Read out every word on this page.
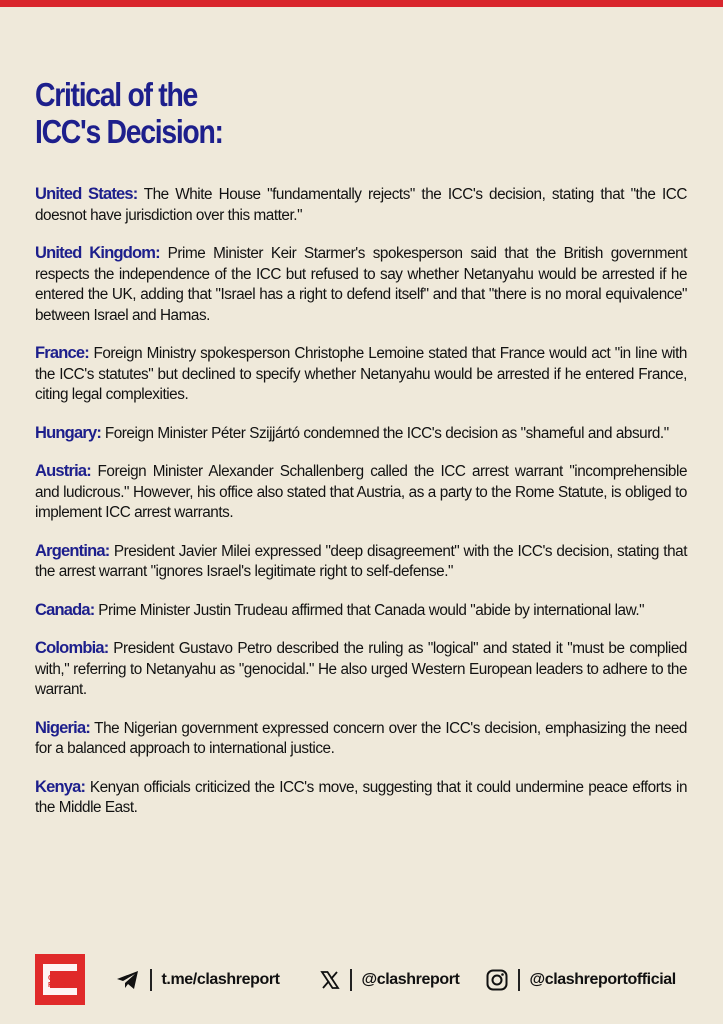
Critical of the
ICC's Decision:

United States: The White House "fundamentally rejects" the ICC's decision, stating that "the ICC doesnot have jurisdiction over this matter."

United Kingdom: Prime Minister Keir Starmer's spokesperson said that the British government respects the independence of the ICC but refused to say whether Netanyahu would be arrested if he entered the UK, adding that "Israel has a right to defend itself" and that "there is no moral equivalence" between Israel and Hamas.

France: Foreign Ministry spokesperson Christophe Lemoine stated that France would act "in line with the ICC's statutes" but declined to specify whether Netanyahu would be arrested if he entered France, citing legal complexities.

Hungary: Foreign Minister Péter Szijjártó condemned the ICC's decision as "shameful and absurd."

Austria: Foreign Minister Alexander Schallenberg called the ICC arrest warrant "incomprehensible and ludicrous." However, his office also stated that Austria, as a party to the Rome Statute, is obliged to implement ICC arrest warrants.

Argentina: President Javier Milei expressed "deep disagreement" with the ICC's decision, stating that the arrest warrant "ignores Israel's legitimate right to self-defense."

Canada: Prime Minister Justin Trudeau affirmed that Canada would "abide by international law."

Colombia: President Gustavo Petro described the ruling as "logical" and stated it "must be complied with," referring to Netanyahu as "genocidal." He also urged Western European leaders to adhere to the warrant.

Nigeria: The Nigerian government expressed concern over the ICC's decision, emphasizing the need for a balanced approach to international justice.

Kenya: Kenyan officials criticized the ICC's move, suggesting that it could undermine peace efforts in the Middle East.

CLASH
REPORT	t.me/clashreport	@clashreport	@clashreportofficial
